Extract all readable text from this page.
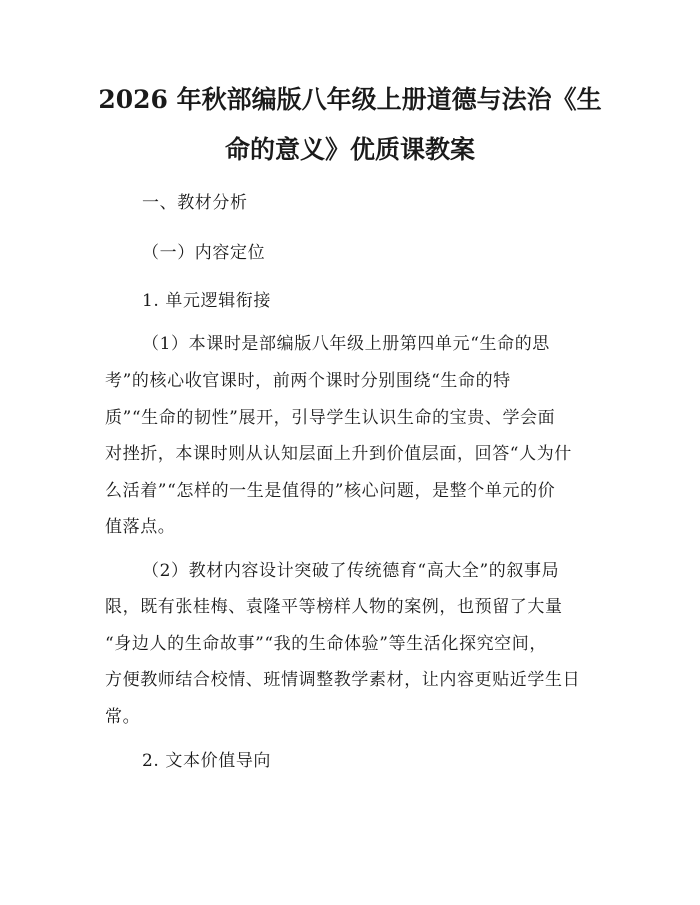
2026 年秋部编版八年级上册道德与法治《生
命的意义》优质课教案

一、教材分析

（一）内容定位

1. 单元逻辑衔接

（1）本课时是部编版八年级上册第四单元“生命的思

考”的核心收官课时，前两个课时分别围绕“生命的特

质”“生命的韧性”展开，引导学生认识生命的宝贵、学会面

对挫折，本课时则从认知层面上升到价值层面，回答“人为什

么活着”“怎样的一生是值得的”核心问题，是整个单元的价

值落点。

（2）教材内容设计突破了传统德育“高大全”的叙事局

限，既有张桂梅、袁隆平等榜样人物的案例，也预留了大量

“身边人的生命故事”“我的生命体验”等生活化探究空间，

方便教师结合校情、班情调整教学素材，让内容更贴近学生日

常。

2. 文本价值导向
